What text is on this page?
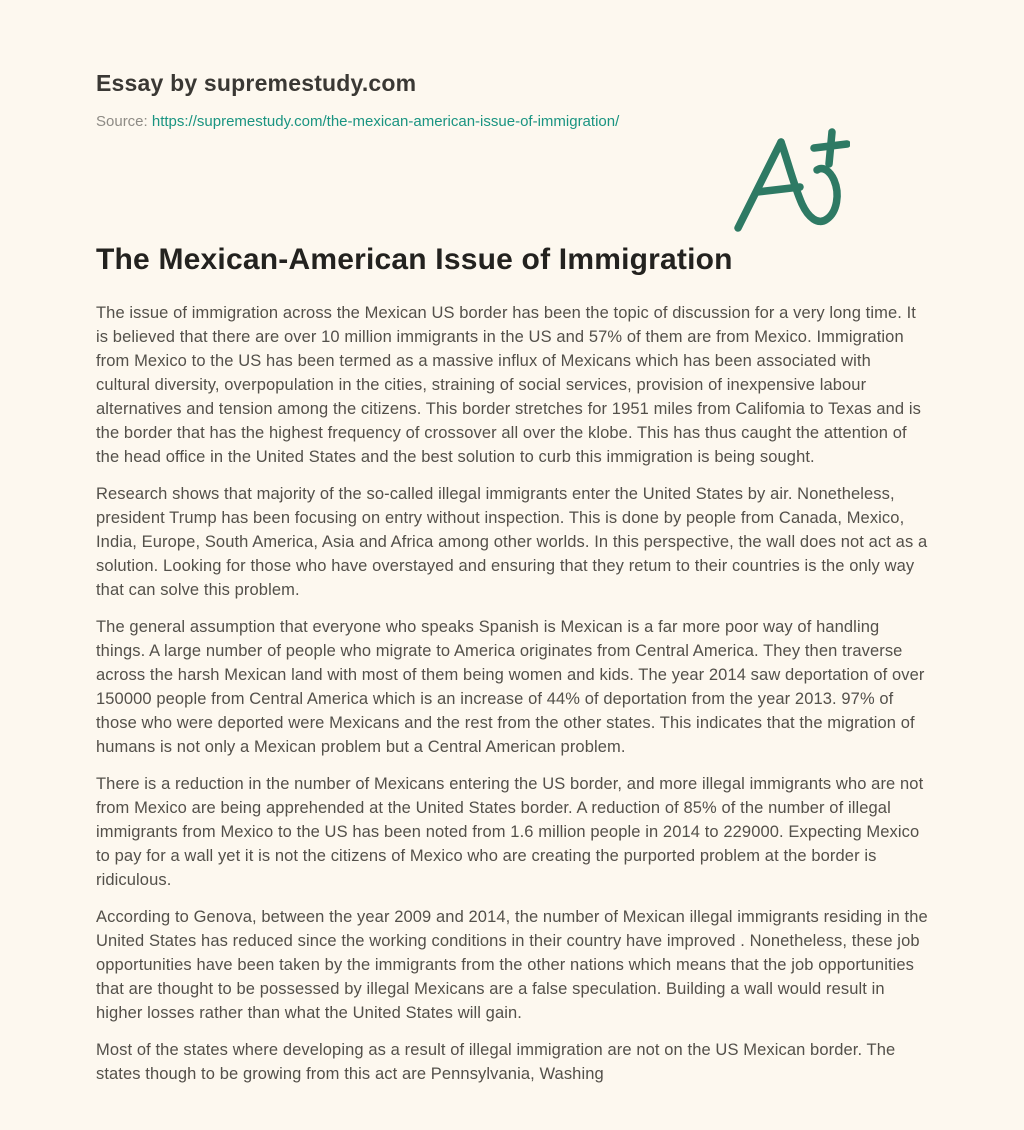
Essay by supremestudy.com
Source: https://supremestudy.com/the-mexican-american-issue-of-immigration/
The Mexican-American Issue of Immigration

The issue of immigration across the Mexican US border has been the topic of discussion for a very long time. It is believed that there are over 10 million immigrants in the US and 57% of them are from Mexico. Immigration from Mexico to the US has been termed as a massive influx of Mexicans which has been associated with cultural diversity, overpopulation in the cities, straining of social services, provision of inexpensive labour alternatives and tension among the citizens. This border stretches for 1951 miles from Califomia to Texas and is the border that has the highest frequency of crossover all over the klobe. This has thus caught the attention of the head office in the United States and the best solution to curb this immigration is being sought.

Research shows that majority of the so-called illegal immigrants enter the United States by air. Nonetheless, president Trump has been focusing on entry without inspection. This is done by people from Canada, Mexico, India, Europe, South America, Asia and Africa among other worlds. In this perspective, the wall does not act as a solution. Looking for those who have overstayed and ensuring that they retum to their countries is the only way that can solve this problem.

The general assumption that everyone who speaks Spanish is Mexican is a far more poor way of handling things. A large number of people who migrate to America originates from Central America. They then traverse across the harsh Mexican land with most of them being women and kids. The year 2014 saw deportation of over 150000 people from Central America which is an increase of 44% of deportation from the year 2013. 97% of those who were deported were Mexicans and the rest from the other states. This indicates that the migration of humans is not only a Mexican problem but a Central American problem.

There is a reduction in the number of Mexicans entering the US border, and more illegal immigrants who are not from Mexico are being apprehended at the United States border. A reduction of 85% of the number of illegal immigrants from Mexico to the US has been noted from 1.6 million people in 2014 to 229000. Expecting Mexico to pay for a wall yet it is not the citizens of Mexico who are creating the purported problem at the border is ridiculous.

According to Genova, between the year 2009 and 2014, the number of Mexican illegal immigrants residing in the United States has reduced since the working conditions in their country have improved . Nonetheless, these job opportunities have been taken by the immigrants from the other nations which means that the job opportunities that are thought to be possessed by illegal Mexicans are a false speculation. Building a wall would result in higher losses rather than what the United States will gain.

Most of the states where developing as a result of illegal immigration are not on the US Mexican border. The states though to be growing from this act are Pennsylvania, Washing
